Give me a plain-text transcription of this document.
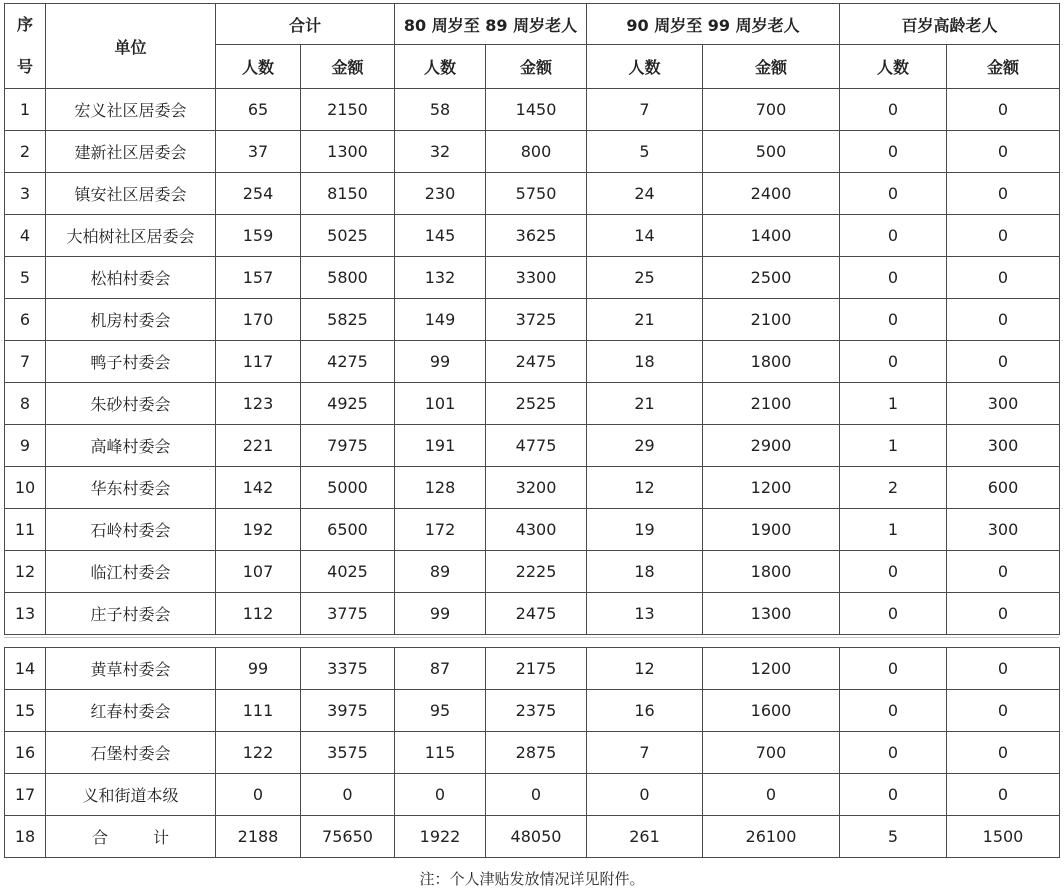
序
号	单位	合计		80 周岁至 89 周岁老人		90 周岁至 99 周岁老人		百岁高龄老人	
		人数	金额	人数	金额	人数	金额	人数	金额
1	宏义社区居委会	65	2150	58	1450	7	700	0	0
2	建新社区居委会	37	1300	32	800	5	500	0	0
3	镇安社区居委会	254	8150	230	5750	24	2400	0	0
4	大柏树社区居委会	159	5025	145	3625	14	1400	0	0
5	松柏村委会	157	5800	132	3300	25	2500	0	0
6	机房村委会	170	5825	149	3725	21	2100	0	0
7	鸭子村委会	117	4275	99	2475	18	1800	0	0
8	朱砂村委会	123	4925	101	2525	21	2100	1	300
9	高峰村委会	221	7975	191	4775	29	2900	1	300
10	华东村委会	142	5000	128	3200	12	1200	2	600
11	石岭村委会	192	6500	172	4300	19	1900	1	300
12	临江村委会	107	4025	89	2225	18	1800	0	0
13	庄子村委会	112	3775	99	2475	13	1300	0	0
14	黄草村委会	99	3375	87	2175	12	1200	0	0
15	红春村委会	111	3975	95	2375	16	1600	0	0
16	石堡村委会	122	3575	115	2875	7	700	0	0
17	义和街道本级	0	0	0	0	0	0	0	0
18	合 计	2188	75650	1922	48050	261	26100	5	1500
注：个人津贴发放情况详见附件。
